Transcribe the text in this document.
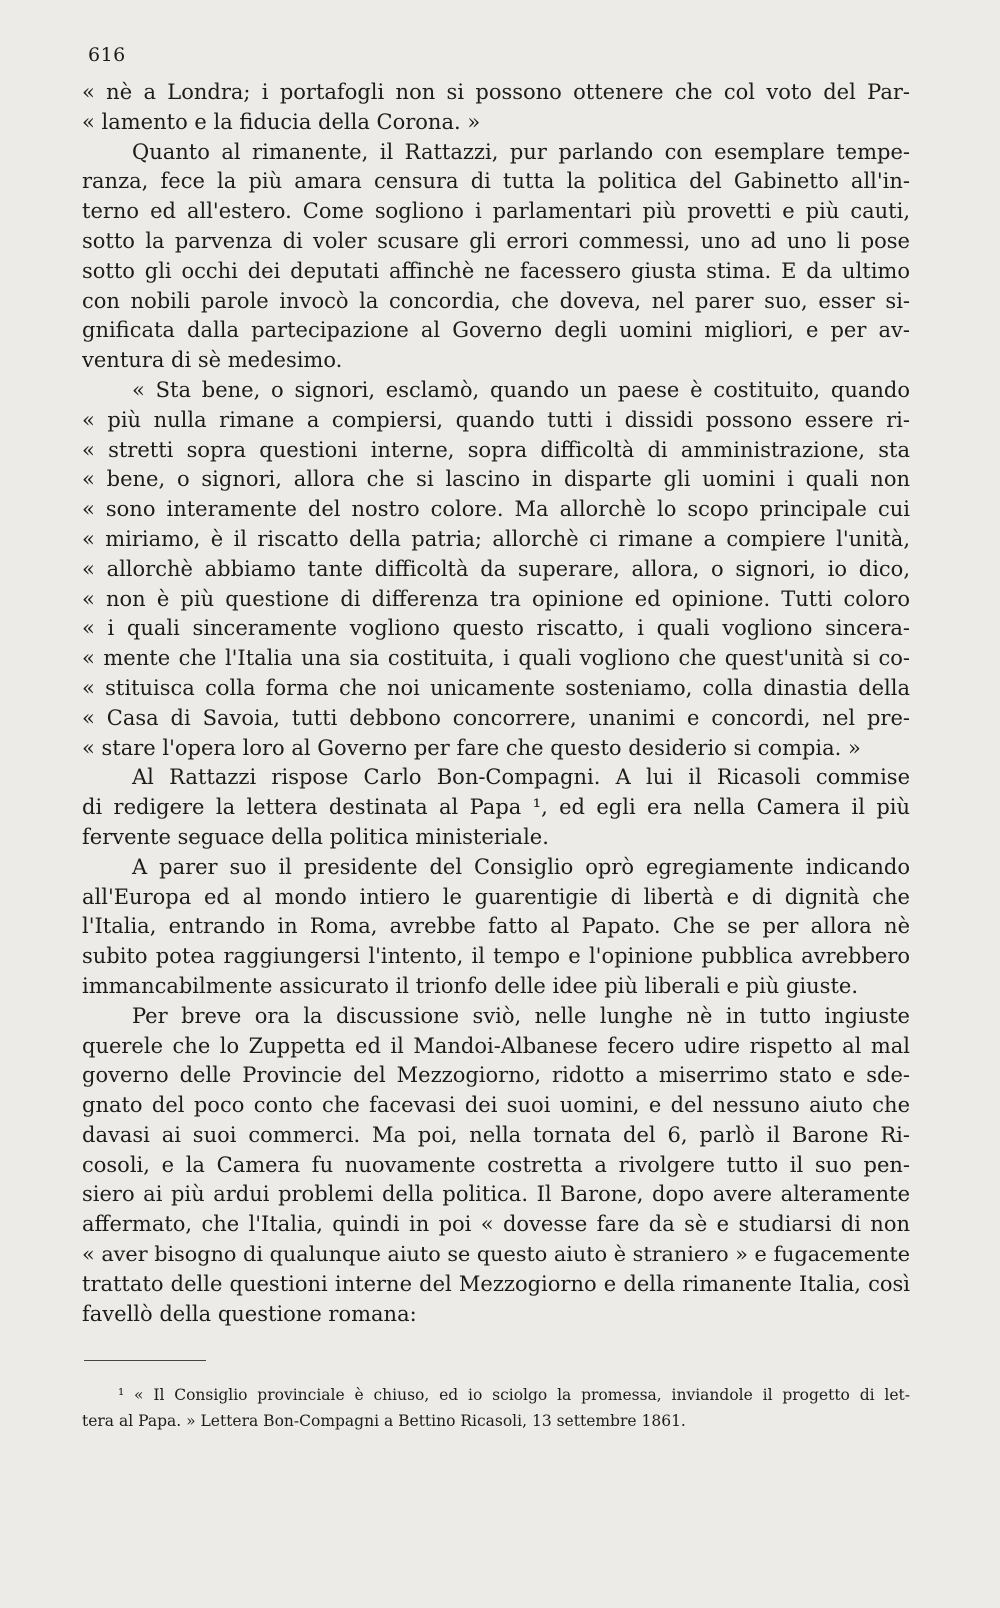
616
« nè a Londra; i portafogli non si possono ottenere che col voto del Par-
« lamento e la fiducia della Corona. »
Quanto al rimanente, il Rattazzi, pur parlando con esemplare tempe-
ranza, fece la più amara censura di tutta la politica del Gabinetto all'in-
terno ed all'estero. Come sogliono i parlamentari più provetti e più cauti,
sotto la parvenza di voler scusare gli errori commessi, uno ad uno li pose
sotto gli occhi dei deputati affinchè ne facessero giusta stima. E da ultimo
con nobili parole invocò la concordia, che doveva, nel parer suo, esser si-
gnificata dalla partecipazione al Governo degli uomini migliori, e per av-
ventura di sè medesimo.
« Sta bene, o signori, esclamò, quando un paese è costituito, quando
« più nulla rimane a compiersi, quando tutti i dissidi possono essere ri-
« stretti sopra questioni interne, sopra difficoltà di amministrazione, sta
« bene, o signori, allora che si lascino in disparte gli uomini i quali non
« sono interamente del nostro colore. Ma allorchè lo scopo principale cui
« miriamo, è il riscatto della patria; allorchè ci rimane a compiere l'unità,
« allorchè abbiamo tante difficoltà da superare, allora, o signori, io dico,
« non è più questione di differenza tra opinione ed opinione. Tutti coloro
« i quali sinceramente vogliono questo riscatto, i quali vogliono sincera-
« mente che l'Italia una sia costituita, i quali vogliono che quest'unità si co-
« stituisca colla forma che noi unicamente sosteniamo, colla dinastia della
« Casa di Savoia, tutti debbono concorrere, unanimi e concordi, nel pre-
« stare l'opera loro al Governo per fare che questo desiderio si compia. »
Al Rattazzi rispose Carlo Bon-Compagni. A lui il Ricasoli commise
di redigere la lettera destinata al Papa ¹, ed egli era nella Camera il più
fervente seguace della politica ministeriale.
A parer suo il presidente del Consiglio oprò egregiamente indicando
all'Europa ed al mondo intiero le guarentigie di libertà e di dignità che
l'Italia, entrando in Roma, avrebbe fatto al Papato. Che se per allora nè
subito potea raggiungersi l'intento, il tempo e l'opinione pubblica avrebbero
immancabilmente assicurato il trionfo delle idee più liberali e più giuste.
Per breve ora la discussione sviò, nelle lunghe nè in tutto ingiuste
querele che lo Zuppetta ed il Mandoi-Albanese fecero udire rispetto al mal
governo delle Provincie del Mezzogiorno, ridotto a miserrimo stato e sde-
gnato del poco conto che facevasi dei suoi uomini, e del nessuno aiuto che
davasi ai suoi commerci. Ma poi, nella tornata del 6, parlò il Barone Ri-
cosoli, e la Camera fu nuovamente costretta a rivolgere tutto il suo pen-
siero ai più ardui problemi della politica. Il Barone, dopo avere alteramente
affermato, che l'Italia, quindi in poi « dovesse fare da sè e studiarsi di non
« aver bisogno di qualunque aiuto se questo aiuto è straniero » e fugacemente
trattato delle questioni interne del Mezzogiorno e della rimanente Italia, così
favellò della questione romana:
¹ « Il Consiglio provinciale è chiuso, ed io sciolgo la promessa, inviandole il progetto di let-
tera al Papa. » Lettera Bon-Compagni a Bettino Ricasoli, 13 settembre 1861.
